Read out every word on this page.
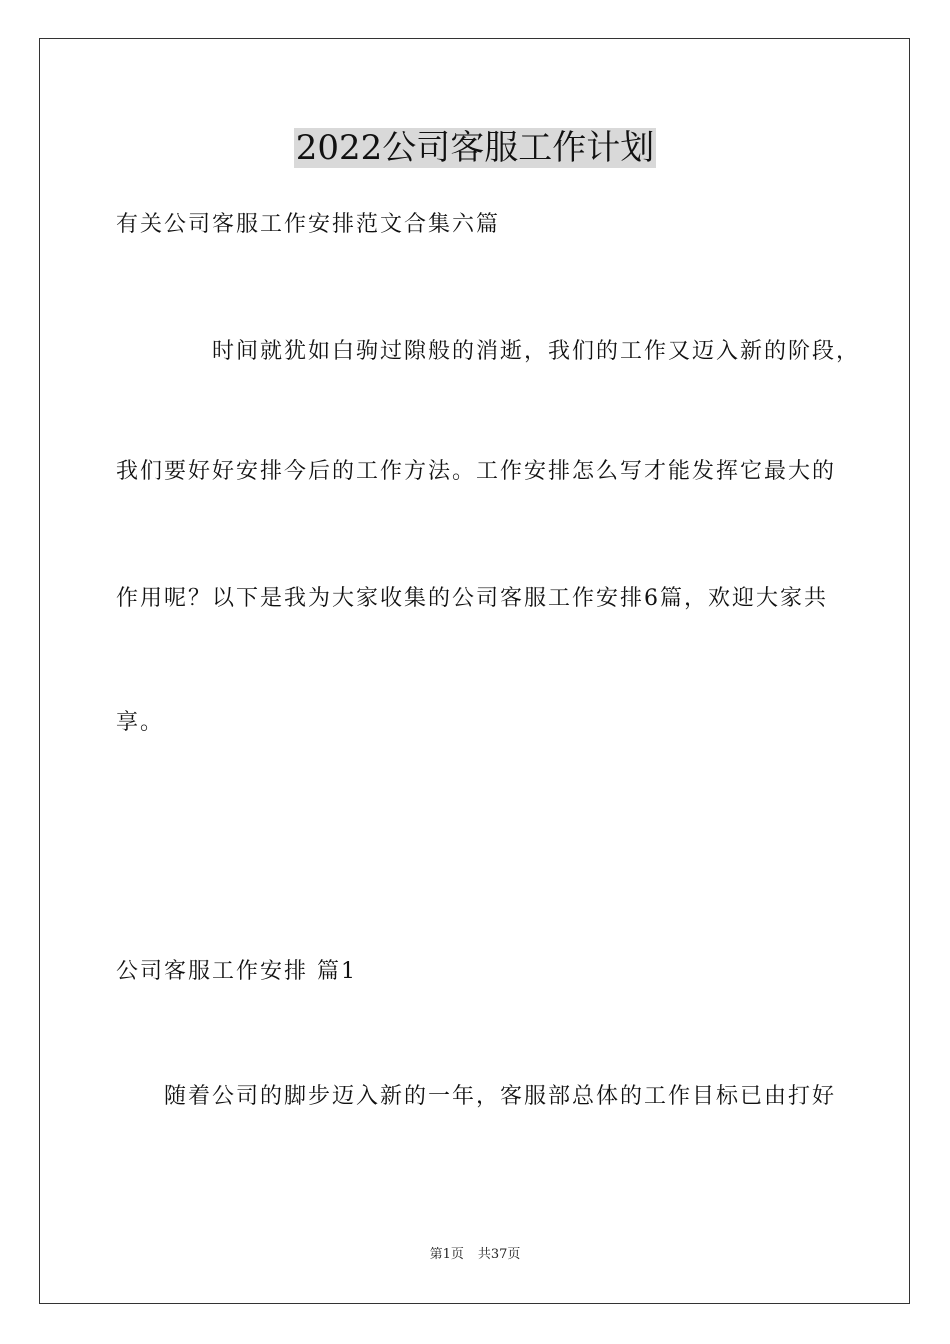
2022公司客服工作计划
有关公司客服工作安排范文合集六篇
时间就犹如白驹过隙般的消逝，我们的工作又迈入新的阶段，
我们要好好安排今后的工作方法。工作安排怎么写才能发挥它最大的
作用呢？以下是我为大家收集的公司客服工作安排6篇，欢迎大家共
享。
公司客服工作安排 篇1
随着公司的脚步迈入新的一年，客服部总体的工作目标已由打好
第1页 共37页
